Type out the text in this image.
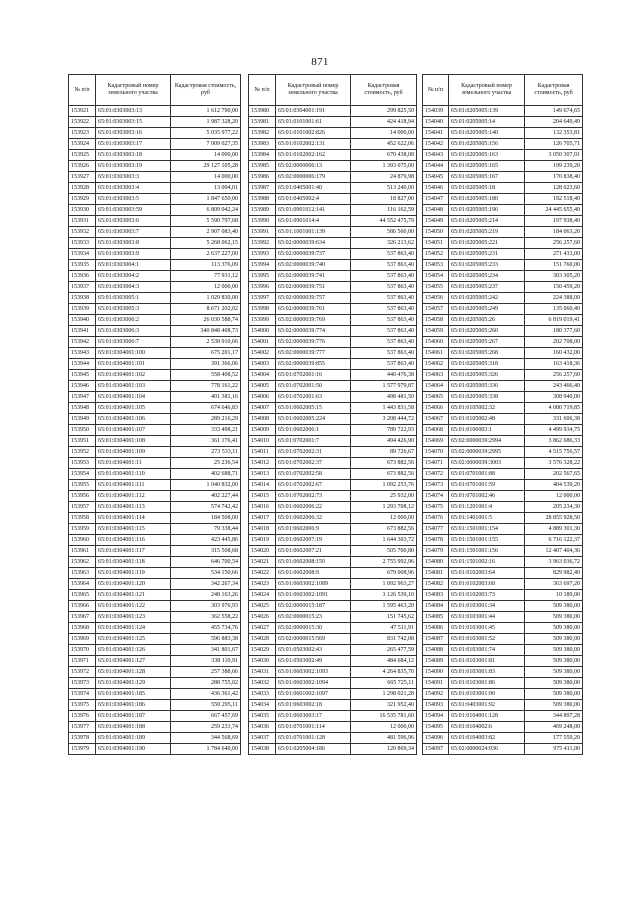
871
№ п/п	Кадастровый номер земельного участка	Кадастровая стоимость, руб
153921	65:01:0303003:13	1 612 790,00
153922	65:01:0303003:15	1 987 328,20
153923	65:01:0303003:16	5 035 977,22
153924	65:01:0303003:17	7 009 027,35
153925	65:01:0303003:18	14 000,00
153926	65:01:0303003:19	29 127 105,28
153927	65:01:0303003:3	14 000,00
153928	65:01:0303003:4	13 004,01
153929	65:01:0303003:5	1 847 650,00
153930	65:01:0303003:59	6 809 042,24
153931	65:01:0303003:6	5 590 797,68
153932	65:01:0303003:7	2 907 083,40
153933	65:01:0303003:8	5 268 062,15
153934	65:01:0303003:9	2 637 227,00
153935	65:01:0303004:1	113 376,09
153936	65:01:0303004:2	77 931,12
153937	65:01:0303004:3	12 000,00
153938	65:01:0303005:1	1 029 830,00
153939	65:01:0303005:3	8 671 202,02
153940	65:01:0303006:2	26 030 588,74
153941	65:01:0303006:3	340 848 408,73
153942	65:01:0303006:7	2 538 910,66
153943	65:01:0304001:100	675 201,17
153944	65:01:0304001:101	391 366,06
153945	65:01:0304001:102	558 408,52
153946	65:01:0304001:103	778 161,22
153947	65:01:0304001:104	401 381,16
153948	65:01:0304001:105	674 646,83
153949	65:01:0304001:106	289 216,29
153950	65:01:0304001:107	333 498,21
153951	65:01:0304001:108	361 176,41
153952	65:01:0304001:109	273 533,11
153953	65:01:0304001:11	25 236,54
153954	65:01:0304001:110	402 688,71
153955	65:01:0304001:111	1 040 832,00
153956	65:01:0304001:112	402 227,44
153957	65:01:0304001:113	574 742,42
153958	65:01:0304001:114	184 508,00
153959	65:01:0304001:115	79 338,44
153960	65:01:0304001:116	423 445,86
153961	65:01:0304001:117	315 508,68
153962	65:01:0304001:118	646 700,54
153963	65:01:0304001:119	534 150,66
153964	65:01:0304001:120	342 267,34
153965	65:01:0304001:121	248 163,26
153966	65:01:0304001:122	303 976,93
153967	65:01:0304001:123	362 558,22
153968	65:01:0304001:124	455 734,76
153969	65:01:0304001:125	596 883,38
153970	65:01:0304001:126	341 801,67
153971	65:01:0304001:127	338 110,91
153972	65:01:0304001:128	257 388,66
153973	65:01:0304001:129	288 755,02
153974	65:01:0304001:185	436 361,42
153975	65:01:0304001:186	550 295,11
153976	65:01:0304001:187	667 457,69
153977	65:01:0304001:188	259 233,74
153978	65:01:0304001:189	344 568,69
153979	65:01:0304001:190	1 784 640,00
№ п/п	Кадастровый номер земельного участка	Кадастровая стоимость, руб
153980	65:01:0304001:191	299 825,50
153981	65:01:0101001:61	424 418,94
153982	65:01:0101002:826	14 000,00
153983	65:01:0102002:131	452 622,06
153984	65:01:0102002:162	670 438,08
153985	65:02:0000006:13	1 393 075,00
153986	65:02:0000006:179	24 879,98
153987	65:01:0405001:40	513 240,00
153988	65:01:0405002:4	18 827,00
153989	65:01:0901012:141	116 162,59
153990	65:01:0901014:4	44 552 475,79
153991	65:01:1001001:139	586 560,00
153992	65:02:0000039:634	326 213,62
153993	65:02:0000039:737	537 863,40
153994	65:02:0000039:740	537 863,40
153995	65:02:0000039:741	537 863,40
153996	65:02:0000039:751	537 863,40
153997	65:02:0000039:757	537 863,40
153998	65:02:0000039:761	537 863,40
153999	65:02:0000039:769	537 863,40
154000	65:02:0000039:774	537 863,40
154001	65:02:0000039:776	537 863,40
154002	65:02:0000039:777	537 863,40
154003	65:02:0000039:855	537 863,40
154004	65:01:0702001:16	440 476,38
154005	65:01:0702001:50	1 577 979,87
154006	65:01:0702001:63	498 481,50
154007	65:01:0602005:15	1 443 831,58
154008	65:01:0602005:224	3 208 444,72
154009	65:01:0602006:1	789 722,93
154010	65:01:0702001:7	494 426,90
154011	65:01:0702002:31	89 726,67
154012	65:01:0702002:37	673 882,56
154013	65:01:0702002:58	673 882,56
154014	65:01:0702002:67	1 092 253,76
154015	65:01:0702002:73	25 932,00
154016	65:01:0602006:22	1 293 708,12
154017	65:01:0602006:32	12 000,00
154018	65:01:0602006:9	673 882,56
154019	65:01:0602007:19	1 644 303,72
154020	65:01:0602007:21	505 700,80
154021	65:01:0602008:150	2 755 992,96
154022	65:01:0602008:9	679 008,96
154023	65:01:0603002:1089	1 092 963,27
154024	65:01:0603002:1091	3 126 539,10
154025	65:02:0000015:187	1 595 463,20
154026	65:02:0000015:23	151 745,62
154027	65:02:0000015:30	47 511,91
154028	65:02:0000015:569	831 742,08
154029	65:01:0503002:43	265 477,59
154030	65:01:0503002:49	484 684,12
154031	65:01:0603002:1093	4 264 835,70
154032	65:01:0603002:1094	665 725,11
154033	65:01:0601002:1097	1 298 021,28
154034	65:01:0603002:18	321 952,40
154035	65:01:0603003:17	16 535 781,60
154036	65:01:0701001:114	12 000,00
154037	65:01:0701001:128	481 596,96
154038	65:01:0205004:186	120 869,34
№ п/п	Кадастровый номер земельного участка	Кадастровая стоимость, руб
154039	65:01:0205005:139	149 674,65
154040	65:01:0205005:14	204 649,49
154041	65:01:0205005:140	132 353,81
154042	65:01:0205005:156	126 705,71
154043	65:01:0205005:163	3 050 307,01
154044	65:01:0205005:165	199 239,20
154045	65:01:0205005:167	170 838,40
154046	65:01:0205005:18	128 023,60
154047	65:01:0205005:180	192 518,40
154048	65:01:0205005:196	24 445 655,40
154049	65:01:0205005:214	197 938,40
154050	65:01:0205005:219	184 063,20
154051	65:01:0205005:221	256 257,60
154052	65:01:0205005:231	271 433,00
154053	65:01:0205005:233	151 760,00
154054	65:01:0205005:234	303 305,20
154055	65:01:0205005:237	150 459,20
154056	65:01:0205005:242	224 388,00
154057	65:01:0205005:249	135 060,40
154058	65:01:0205005:26	6 819 019,41
154059	65:01:0205005:260	180 377,60
154060	65:01:0205005:267	202 708,00
154061	65:01:0205005:268	160 432,00
154062	65:01:0205005:318	163 418,36
154063	65:01:0205005:326	256 257,60
154064	65:01:0205005:336	243 466,40
154065	65:01:0205005:338	308 940,00
154066	65:01:0105002:32	4 080 719,85
154067	65:01:0105002:48	331 606,38
154068	65:01:0106003:1	4 499 934,75
154069	65:02:0000039:2994	3 862 686,33
154070	65:02:0000039:2995	4 515 756,57
154071	65:02:0000039:3003	3 576 328,22
154072	65:01:0701001:88	202 567,65
154073	65:01:0701001:59	404 539,20
154074	65:01:0701002:46	12 000,00
154075	65:01:1201001:4	205 234,30
154076	65:01:1401001:5	28 855 928,50
154077	65:01:1501001:154	4 889 301,30
154078	65:01:1501001:155	6 716 122,37
154079	65:01:1501001:156	12 407 404,36
154080	65:01:1501002:16	3 963 036,72
154081	65:01:0102003:64	829 982,40
154082	65:01:0102003:68	363 697,20
154083	65:01:0102003:73	10 189,00
154084	65:01:0103001:34	509 380,00
154085	65:01:0103001:44	509 380,00
154086	65:01:0103001:45	509 380,00
154087	65:01:0103001:52	509 380,00
154088	65:01:0103001:74	509 380,00
154089	65:01:0103001:81	509 380,00
154090	65:01:0103001:83	509 380,00
154091	65:01:0103001:86	509 380,00
154092	65:01:0103001:90	509 380,00
154093	65:01:0403001:92	509 380,00
154094	65:01:0104001:128	344 897,28
154095	65:01:0104002:6	469 248,00
154096	65:01:0104003:82	177 559,20
154097	65:02:0000024:936	975 411,00
